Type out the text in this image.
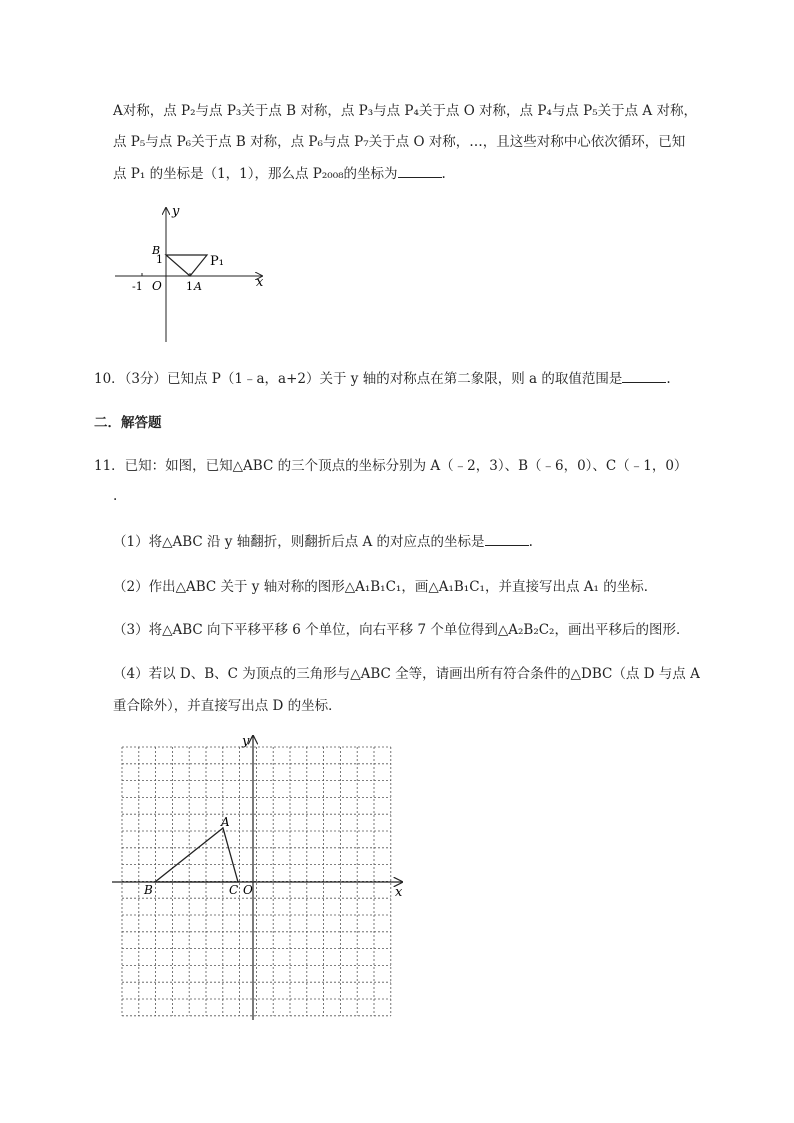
A对称，点 P₂与点 P₃关于点 B 对称，点 P₃与点 P₄关于点 O 对称，点 P₄与点 P₅关于点 A 对称，
点 P₅与点 P₆关于点 B 对称，点 P₆与点 P₇关于点 O 对称，…，且这些对称中心依次循环，已知
点 P₁ 的坐标是（1，1），那么点 P₂₀₀₈的坐标为	.
y
x
B
1	P₁
-1 O 1 A
10．（3分）已知点 P（1﹣a，a+2）关于 y 轴的对称点在第二象限，则 a 的取值范围是	.
二．解答题
11．已知：如图，已知△ABC 的三个顶点的坐标分别为 A（﹣2，3）、B（﹣6，0）、C（﹣1，0）
.
（1）将△ABC 沿 y 轴翻折，则翻折后点 A 的对应点的坐标是	.
（2）作出△ABC 关于 y 轴对称的图形△A₁B₁C₁，画△A₁B₁C₁，并直接写出点 A₁ 的坐标．
（3）将△ABC 向下平移平移 6 个单位，向右平移 7 个单位得到△A₂B₂C₂，画出平移后的图形．
（4）若以 D、B、C 为顶点的三角形与△ABC 全等，请画出所有符合条件的△DBC（点 D 与点 A
重合除外），并直接写出点 D 的坐标．
y
x
A
B	C O
